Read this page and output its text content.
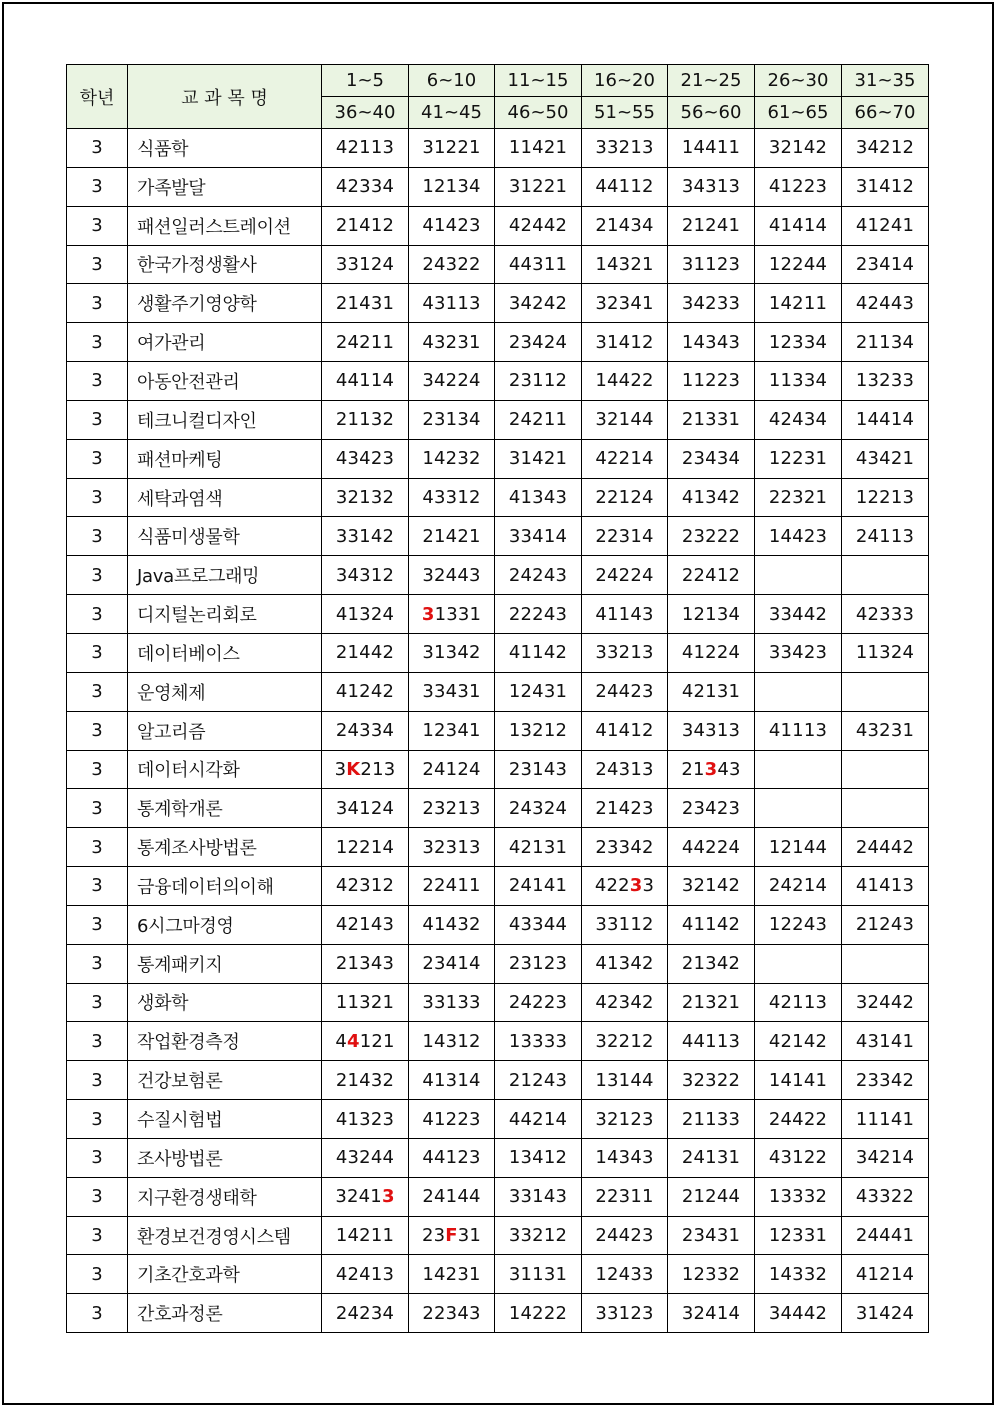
학년	교 과 목 명	1~5	6~10	11~15	16~20	21~25	26~30	31~35
		36~40	41~45	46~50	51~55	56~60	61~65	66~70
3	식품학	42113	31221	11421	33213	14411	32142	34212
3	가족발달	42334	12134	31221	44112	34313	41223	31412
3	패션일러스트레이션	21412	41423	42442	21434	21241	41414	41241
3	한국가정생활사	33124	24322	44311	14321	31123	12244	23414
3	생활주기영양학	21431	43113	34242	32341	34233	14211	42443
3	여가관리	24211	43231	23424	31412	14343	12334	21134
3	아동안전관리	44114	34224	23112	14422	11223	11334	13233
3	테크니컬디자인	21132	23134	24211	32144	21331	42434	14414
3	패션마케팅	43423	14232	31421	42214	23434	12231	43421
3	세탁과염색	32132	43312	41343	22124	41342	22321	12213
3	식품미생물학	33142	21421	33414	22314	23222	14423	24113
3	Java프로그래밍	34312	32443	24243	24224	22412		
3	디지털논리회로	41324	31331	22243	41143	12134	33442	42333
3	데이터베이스	21442	31342	41142	33213	41224	33423	11324
3	운영체제	41242	33431	12431	24423	42131		
3	알고리즘	24334	12341	13212	41412	34313	41113	43231
3	데이터시각화	3K213	24124	23143	24313	21343		
3	통계학개론	34124	23213	24324	21423	23423		
3	통계조사방법론	12214	32313	42131	23342	44224	12144	24442
3	금융데이터의이해	42312	22411	24141	42233	32142	24214	41413
3	6시그마경영	42143	41432	43344	33112	41142	12243	21243
3	통계패키지	21343	23414	23123	41342	21342		
3	생화학	11321	33133	24223	42342	21321	42113	32442
3	작업환경측정	44121	14312	13333	32212	44113	42142	43141
3	건강보험론	21432	41314	21243	13144	32322	14141	23342
3	수질시험법	41323	41223	44214	32123	21133	24422	11141
3	조사방법론	43244	44123	13412	14343	24131	43122	34214
3	지구환경생태학	32413	24144	33143	22311	21244	13332	43322
3	환경보건경영시스템	14211	23F31	33212	24423	23431	12331	24441
3	기초간호과학	42413	14231	31131	12433	12332	14332	41214
3	간호과정론	24234	22343	14222	33123	32414	34442	31424
